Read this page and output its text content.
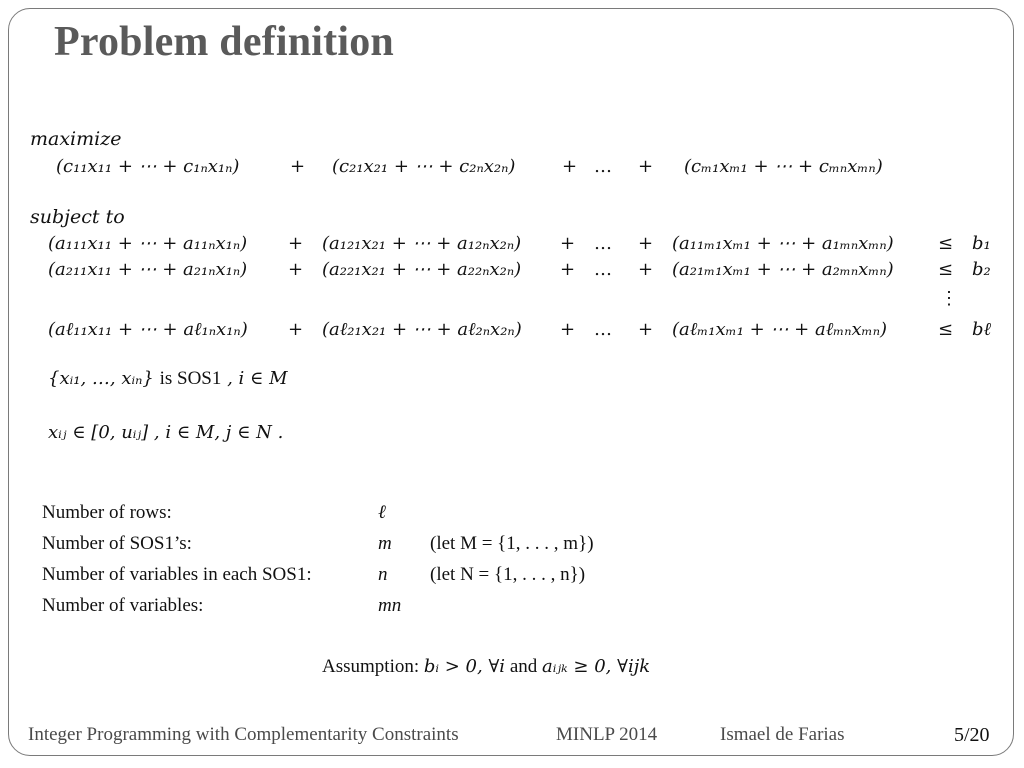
Problem definition
maximize
(c₁₁x₁₁ + ⋯ + c₁ₙx₁ₙ)	+ (c₂₁x₂₁ + ⋯ + c₂ₙx₂ₙ)	+ … + (cₘ₁xₘ₁ + ⋯ + cₘₙxₘₙ)
subject to
(a₁₁₁x₁₁ + ⋯ + a₁₁ₙx₁ₙ) + (a₁₂₁x₂₁ + ⋯ + a₁₂ₙx₂ₙ) + … + (a₁₁ₘ₁xₘ₁ + ⋯ + a₁ₘₙxₘₙ) ≤ b₁
(a₂₁₁x₁₁ + ⋯ + a₂₁ₙx₁ₙ) + (a₂₂₁x₂₁ + ⋯ + a₂₂ₙx₂ₙ) + … + (a₂₁ₘ₁xₘ₁ + ⋯ + a₂ₘₙxₘₙ) ≤ b₂
⋮
(aℓ₁₁x₁₁ + ⋯ + aℓ₁ₙx₁ₙ) + (aℓ₂₁x₂₁ + ⋯ + aℓ₂ₙx₂ₙ) + … + (aℓₘ₁xₘ₁ + ⋯ + aℓₘₙxₘₙ)	≤ bℓ
{xᵢ₁, …, xᵢₙ} is SOS1 , i ∈ M
xᵢⱼ ∈ [0, uᵢⱼ] , i ∈ M, j ∈ N .
Number of rows:	ℓ
Number of SOS1’s:	m (let M = {1, . . . , m})
Number of variables in each SOS1:	n (let N = {1, . . . , n})
Number of variables:	mn
Assumption: bᵢ > 0, ∀i and aᵢⱼₖ ≥ 0, ∀ijk
Integer Programming with Complementarity Constraints	MINLP 2014	Ismael de Farias	5/20
